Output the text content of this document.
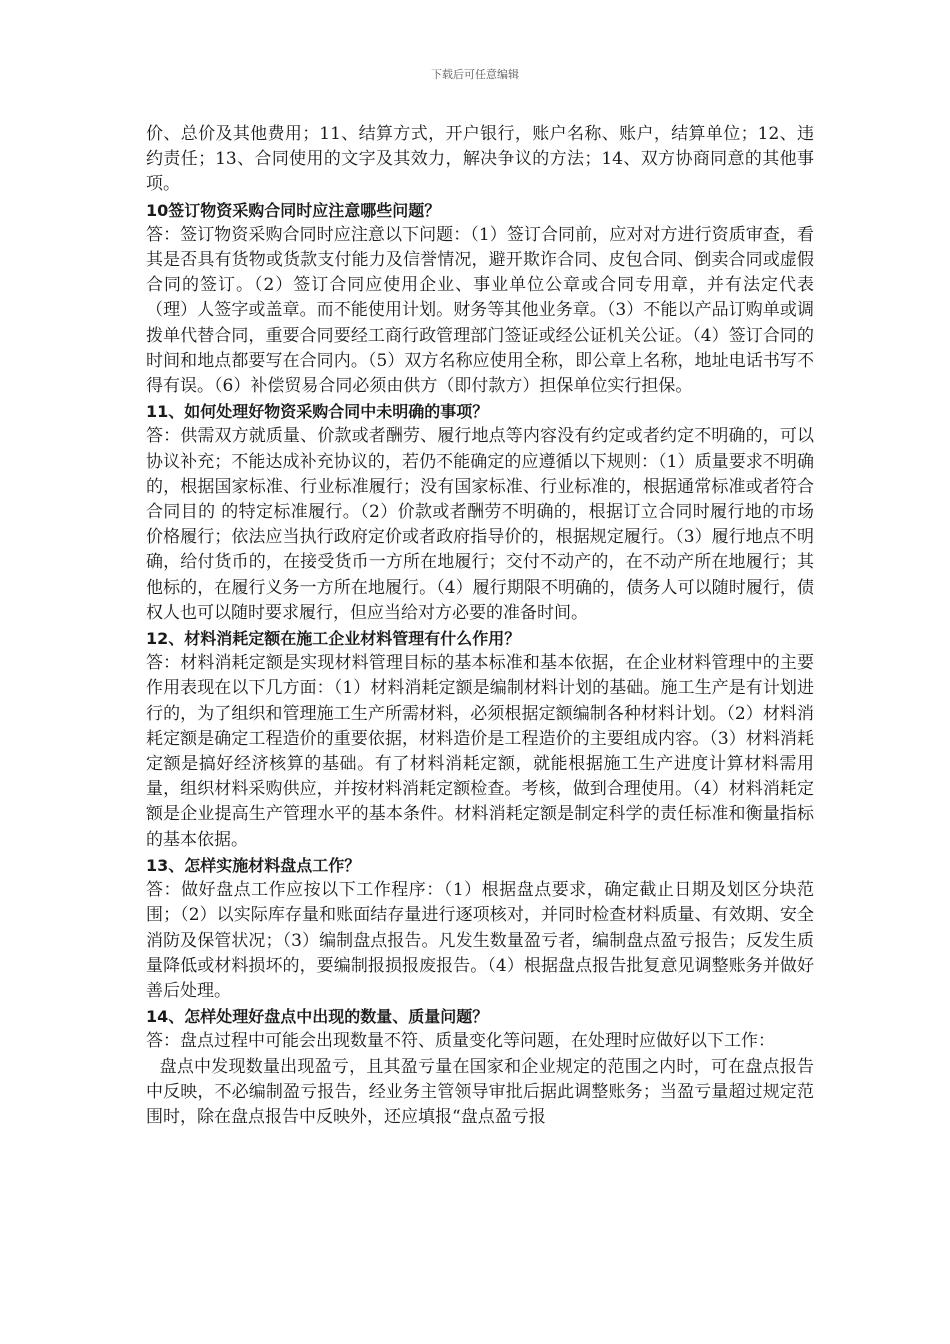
下载后可任意编辑

价、总价及其他费用；11、结算方式，开户银行，账户名称、账户，结算单位；12、违约责任；13、合同使用的文字及其效力，解决争议的方法；14、双方协商同意的其他事项。

10签订物资采购合同时应注意哪些问题？

答：签订物资采购合同时应注意以下问题：（1）签订合同前，应对对方进行资质审查，看其是否具有货物或货款支付能力及信誉情况，避开欺诈合同、皮包合同、倒卖合同或虚假合同的签订。（2）签订合同应使用企业、事业单位公章或合同专用章，并有法定代表（理）人签字或盖章。而不能使用计划。财务等其他业务章。（3）不能以产品订购单或调拨单代替合同，重要合同要经工商行政管理部门签证或经公证机关公证。（4）签订合同的时间和地点都要写在合同内。（5）双方名称应使用全称，即公章上名称，地址电话书写不得有误。（6）补偿贸易合同必须由供方（即付款方）担保单位实行担保。

11、如何处理好物资采购合同中未明确的事项？

答：供需双方就质量、价款或者酬劳、履行地点等内容没有约定或者约定不明确的，可以协议补充；不能达成补充协议的，若仍不能确定的应遵循以下规则：（1）质量要求不明确的，根据国家标准、行业标准履行；没有国家标准、行业标准的，根据通常标准或者符合合同目的 的特定标准履行。（2）价款或者酬劳不明确的，根据订立合同时履行地的市场价格履行；依法应当执行政府定价或者政府指导价的，根据规定履行。（3）履行地点不明确，给付货币的，在接受货币一方所在地履行；交付不动产的，在不动产所在地履行；其他标的，在履行义务一方所在地履行。（4）履行期限不明确的，债务人可以随时履行，债权人也可以随时要求履行，但应当给对方必要的准备时间。

12、材料消耗定额在施工企业材料管理有什么作用？

答：材料消耗定额是实现材料管理目标的基本标准和基本依据，在企业材料管理中的主要作用表现在以下几方面：（1）材料消耗定额是编制材料计划的基础。施工生产是有计划进行的，为了组织和管理施工生产所需材料，必须根据定额编制各种材料计划。（2）材料消耗定额是确定工程造价的重要依据，材料造价是工程造价的主要组成内容。（3）材料消耗定额是搞好经济核算的基础。有了材料消耗定额，就能根据施工生产进度计算材料需用量，组织材料采购供应，并按材料消耗定额检查。考核，做到合理使用。（4）材料消耗定额是企业提高生产管理水平的基本条件。材料消耗定额是制定科学的责任标准和衡量指标的基本依据。

13、怎样实施材料盘点工作？

答：做好盘点工作应按以下工作程序：（1）根据盘点要求，确定截止日期及划区分块范围；（2）以实际库存量和账面结存量进行逐项核对，并同时检查材料质量、有效期、安全消防及保管状况；（3）编制盘点报告。凡发生数量盈亏者，编制盘点盈亏报告；反发生质量降低或材料损坏的，要编制报损报废报告。（4）根据盘点报告批复意见调整账务并做好善后处理。

14、怎样处理好盘点中出现的数量、质量问题？

答：盘点过程中可能会出现数量不符、质量变化等问题，在处理时应做好以下工作：

盘点中发现数量出现盈亏，且其盈亏量在国家和企业规定的范围之内时，可在盘点报告中反映，不必编制盈亏报告，经业务主管领导审批后据此调整账务；当盈亏量超过规定范围时，除在盘点报告中反映外，还应填报“盘点盈亏报
